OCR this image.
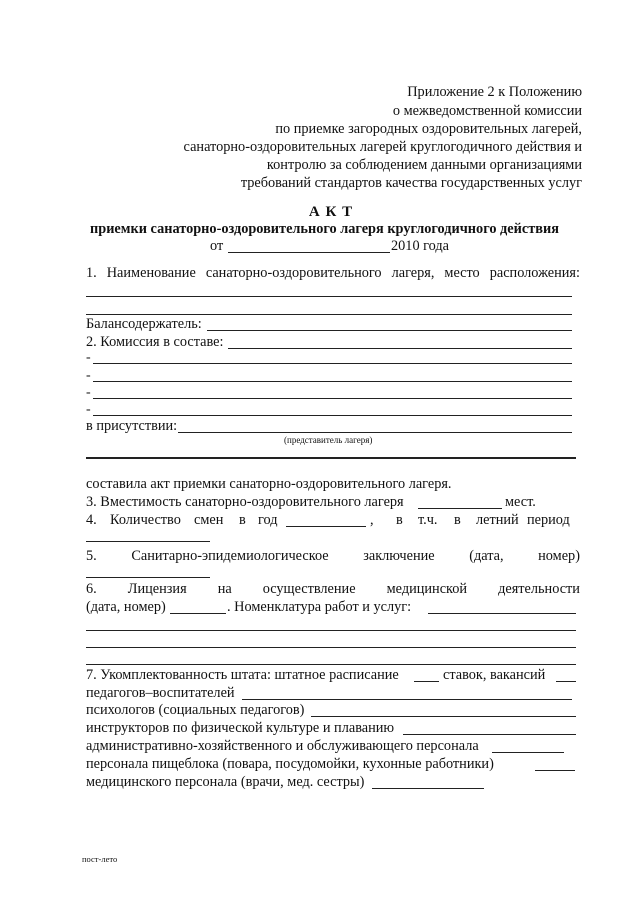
Приложение 2 к Положению
о межведомственной комиссии
по приемке загородных оздоровительных лагерей,
санаторно-оздоровительных лагерей круглогодичного действия и
контролю за соблюдением данными организациями
требований стандартов качества государственных услуг
А К Т
приемки санаторно-оздоровительного лагеря круглогодичного действия
от	2010 года
1. Наименование санаторно-оздоровительного лагеря, место расположения:
Балансодержатель:
2. Комиссия в составе:
-
-
-
-
в присутствии:
(представитель лагеря)
составила акт приемки санаторно-оздоровительного лагеря.
3. Вместимость санаторно-оздоровительного лагеря	мест.
4. Количество смен в год	, в т.ч. в летний период
5. Санитарно-эпидемиологическое заключение (дата, номер)
6. Лицензия на осуществление медицинской деятельности
(дата, номер)	. Номенклатура работ и услуг:
7. Укомплектованность штата: штатное расписание	ставок, вакансий
педагогов–воспитателей
психологов (социальных педагогов)
инструкторов по физической культуре и плаванию
административно-хозяйственного и обслуживающего персонала
персонала пищеблока (повара, посудомойки, кухонные работники)
медицинского персонала (врачи, мед. сестры)
пост-лето
